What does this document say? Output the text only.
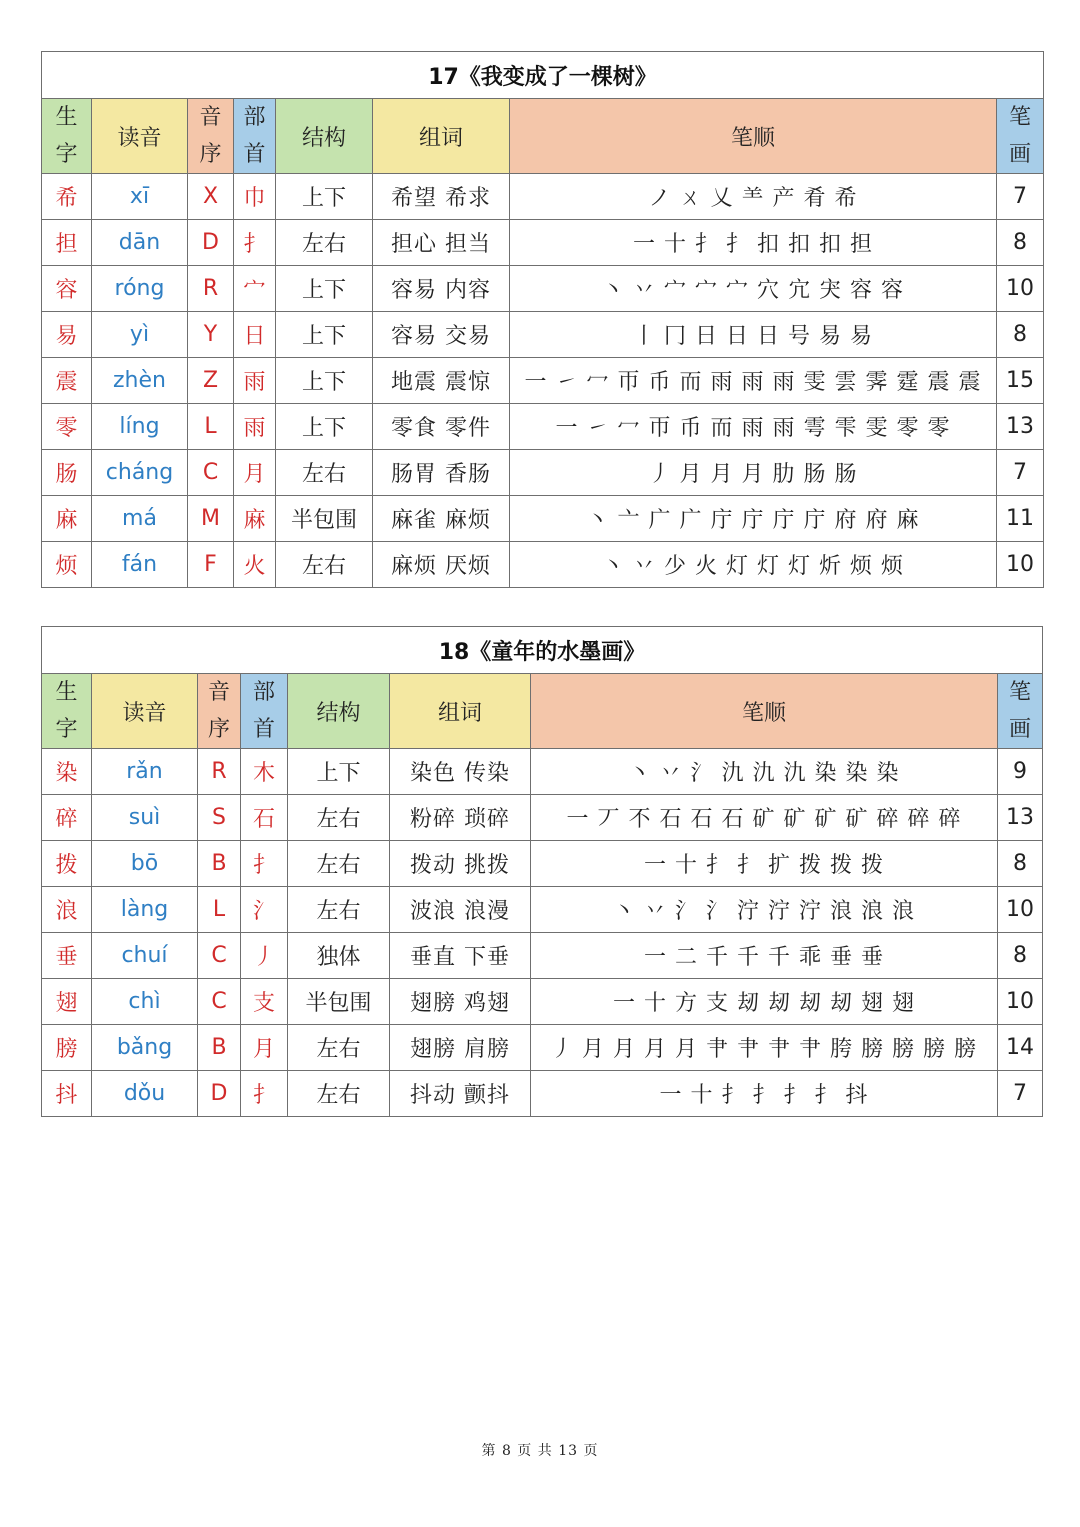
17《我变成了一棵树》							
生字	读音	音序	部首	结构	组词	笔顺	笔画
希	xī	X	巾	上下	希望 希求	ノ ㄨ 乂 ⺷ 产 肴 希	7
担	dān	D	扌	左右	担心 担当	一 十 扌 扌 扣 扣 扣 担	8
容	róng	R	宀	上下	容易 内容	丶 丷 宀 宀 宀 穴 宂 宊 容 容	10
易	yì	Y	日	上下	容易 交易	丨 冂 日 日 日 号 易 易	8
震	zhèn	Z	雨	上下	地震 震惊	一 ㇀ 冖 帀 币 而 雨 雨 雨 雯 雲 霁 霆 震 震	15
零	líng	L	雨	上下	零食 零件	一 ㇀ 冖 帀 币 而 雨 雨 雩 雫 雯 零 零	13
肠	cháng	C	月	左右	肠胃 香肠	丿 月 月 月 肋 肠 肠	7
麻	má	M	麻	半包围	麻雀 麻烦	丶 亠 广 广 庁 庁 庁 庁 府 府 麻	11
烦	fán	F	火	左右	麻烦 厌烦	丶 丷 少 火 灯 灯 灯 炘 烦 烦	10
18《童年的水墨画》							
生字	读音	音序	部首	结构	组词	笔顺	笔画
染	rǎn	R	木	上下	染色 传染	丶 丷 氵 氿 氿 氿 染 染 染	9
碎	suì	S	石	左右	粉碎 琐碎	一 丆 不 石 石 石 矿 矿 矿 矿 碎 碎 碎	13
拨	bō	B	扌	左右	拨动 挑拨	一 十 扌 扌 扩 拨 拨 拨	8
浪	làng	L	氵	左右	波浪 浪漫	丶 丷 氵 氵 泞 泞 泞 浪 浪 浪	10
垂	chuí	C	丿	独体	垂直 下垂	一 二 千 千 千 乖 垂 垂	8
翅	chì	C	支	半包围	翅膀 鸡翅	一 十 方 支 刼 刼 刼 刼 翅 翅	10
膀	bǎng	B	月	左右	翅膀 肩膀	丿 月 月 月 月 肀 肀 肀 肀 胯 膀 膀 膀 膀	14
抖	dǒu	D	扌	左右	抖动 颤抖	一 十 扌 扌 扌 扌 抖	7
第 8 页 共 13 页
